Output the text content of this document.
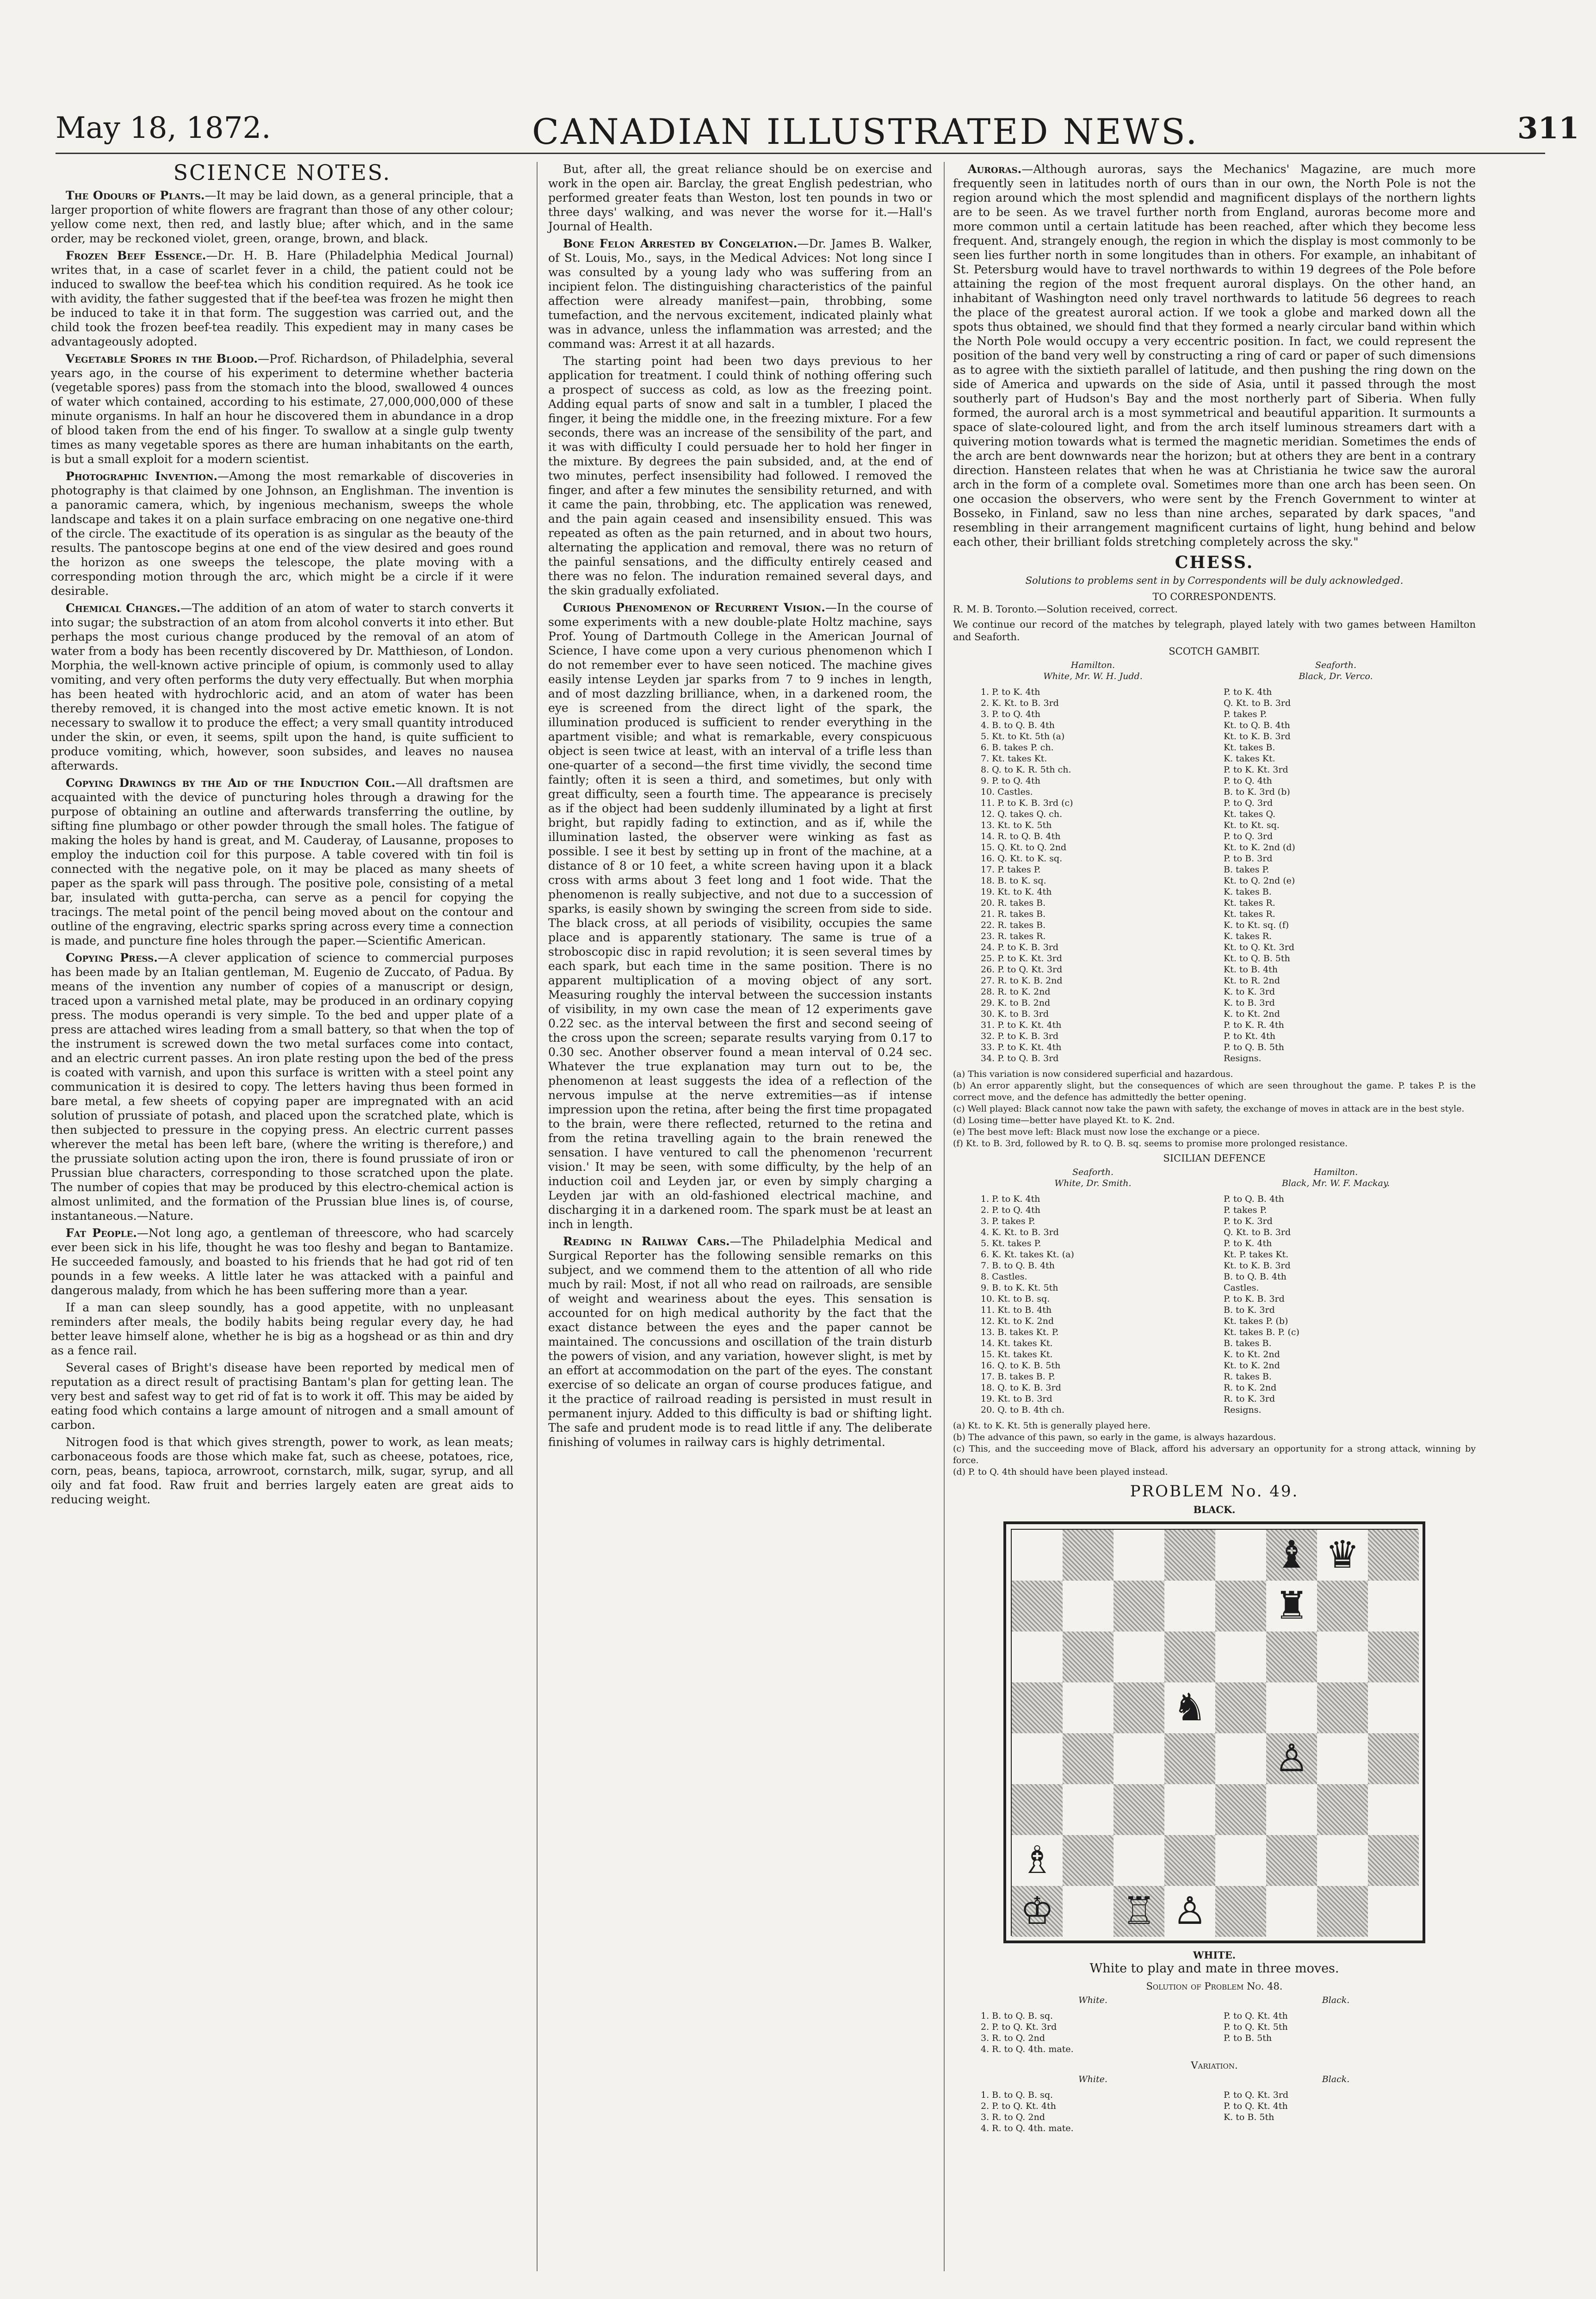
May 18, 1872.	CANADIAN ILLUSTRATED NEWS.	311
SCIENCE NOTES.

The Odours of Plants.—It may be laid down, as a general principle, that a larger proportion of white flowers are fragrant than those of any other colour; yellow come next, then red, and lastly blue; after which, and in the same order, may be reckoned violet, green, orange, brown, and black.

Frozen Beef Essence.—Dr. H. B. Hare (Philadelphia Medical Journal) writes that, in a case of scarlet fever in a child, the patient could not be induced to swallow the beef-tea which his condition required. As he took ice with avidity, the father suggested that if the beef-tea was frozen he might then be induced to take it in that form. The suggestion was carried out, and the child took the frozen beef-tea readily. This expedient may in many cases be advantageously adopted.

Vegetable Spores in the Blood.—Prof. Richardson, of Philadelphia, several years ago, in the course of his experiment to determine whether bacteria (vegetable spores) pass from the stomach into the blood, swallowed 4 ounces of water which contained, according to his estimate, 27,000,000,000 of these minute organisms. In half an hour he discovered them in abundance in a drop of blood taken from the end of his finger. To swallow at a single gulp twenty times as many vegetable spores as there are human inhabitants on the earth, is but a small exploit for a modern scientist.

Photographic Invention.—Among the most remarkable of discoveries in photography is that claimed by one Johnson, an Englishman. The invention is a panoramic camera, which, by ingenious mechanism, sweeps the whole landscape and takes it on a plain surface embracing on one negative one-third of the circle. The exactitude of its operation is as singular as the beauty of the results. The pantoscope begins at one end of the view desired and goes round the horizon as one sweeps the telescope, the plate moving with a corresponding motion through the arc, which might be a circle if it were desirable.

Chemical Changes.—The addition of an atom of water to starch converts it into sugar; the substraction of an atom from alcohol converts it into ether. But perhaps the most curious change produced by the removal of an atom of water from a body has been recently discovered by Dr. Matthieson, of London. Morphia, the well-known active principle of opium, is commonly used to allay vomiting, and very often performs the duty very effectually. But when morphia has been heated with hydrochloric acid, and an atom of water has been thereby removed, it is changed into the most active emetic known. It is not necessary to swallow it to produce the effect; a very small quantity introduced under the skin, or even, it seems, spilt upon the hand, is quite sufficient to produce vomiting, which, however, soon subsides, and leaves no nausea afterwards.

Copying Drawings by the Aid of the Induction Coil.—All draftsmen are acquainted with the device of puncturing holes through a drawing for the purpose of obtaining an outline and afterwards transferring the outline, by sifting fine plumbago or other powder through the small holes. The fatigue of making the holes by hand is great, and M. Cauderay, of Lausanne, proposes to employ the induction coil for this purpose. A table covered with tin foil is connected with the negative pole, on it may be placed as many sheets of paper as the spark will pass through. The positive pole, consisting of a metal bar, insulated with gutta-percha, can serve as a pencil for copying the tracings. The metal point of the pencil being moved about on the contour and outline of the engraving, electric sparks spring across every time a connection is made, and puncture fine holes through the paper.—Scientific American.

Copying Press.—A clever application of science to commercial purposes has been made by an Italian gentleman, M. Eugenio de Zuccato, of Padua. By means of the invention any number of copies of a manuscript or design, traced upon a varnished metal plate, may be produced in an ordinary copying press. The modus operandi is very simple. To the bed and upper plate of a press are attached wires leading from a small battery, so that when the top of the instrument is screwed down the two metal surfaces come into contact, and an electric current passes. An iron plate resting upon the bed of the press is coated with varnish, and upon this surface is written with a steel point any communication it is desired to copy. The letters having thus been formed in bare metal, a few sheets of copying paper are impregnated with an acid solution of prussiate of potash, and placed upon the scratched plate, which is then subjected to pressure in the copying press. An electric current passes wherever the metal has been left bare, (where the writing is therefore,) and the prussiate solution acting upon the iron, there is found prussiate of iron or Prussian blue characters, corresponding to those scratched upon the plate. The number of copies that may be produced by this electro-chemical action is almost unlimited, and the formation of the Prussian blue lines is, of course, instantaneous.—Nature.

Fat People.—Not long ago, a gentleman of threescore, who had scarcely ever been sick in his life, thought he was too fleshy and began to Bantamize. He succeeded famously, and boasted to his friends that he had got rid of ten pounds in a few weeks. A little later he was attacked with a painful and dangerous malady, from which he has been suffering more than a year.

If a man can sleep soundly, has a good appetite, with no unpleasant reminders after meals, the bodily habits being regular every day, he had better leave himself alone, whether he is big as a hogshead or as thin and dry as a fence rail.

Several cases of Bright's disease have been reported by medical men of reputation as a direct result of practising Bantam's plan for getting lean. The very best and safest way to get rid of fat is to work it off. This may be aided by eating food which contains a large amount of nitrogen and a small amount of carbon.

Nitrogen food is that which gives strength, power to work, as lean meats; carbonaceous foods are those which make fat, such as cheese, potatoes, rice, corn, peas, beans, tapioca, arrowroot, cornstarch, milk, sugar, syrup, and all oily and fat food. Raw fruit and berries largely eaten are great aids to reducing weight.

But, after all, the great reliance should be on exercise and work in the open air. Barclay, the great English pedestrian, who performed greater feats than Weston, lost ten pounds in two or three days' walking, and was never the worse for it.—Hall's Journal of Health.

Bone Felon Arrested by Congelation.—Dr. James B. Walker, of St. Louis, Mo., says, in the Medical Advices: Not long since I was consulted by a young lady who was suffering from an incipient felon. The distinguishing characteristics of the painful affection were already manifest—pain, throbbing, some tumefaction, and the nervous excitement, indicated plainly what was in advance, unless the inflammation was arrested; and the command was: Arrest it at all hazards.

The starting point had been two days previous to her application for treatment. I could think of nothing offering such a prospect of success as cold, as low as the freezing point. Adding equal parts of snow and salt in a tumbler, I placed the finger, it being the middle one, in the freezing mixture. For a few seconds, there was an increase of the sensibility of the part, and it was with difficulty I could persuade her to hold her finger in the mixture. By degrees the pain subsided, and, at the end of two minutes, perfect insensibility had followed. I removed the finger, and after a few minutes the sensibility returned, and with it came the pain, throbbing, etc. The application was renewed, and the pain again ceased and insensibility ensued. This was repeated as often as the pain returned, and in about two hours, alternating the application and removal, there was no return of the painful sensations, and the difficulty entirely ceased and there was no felon. The induration remained several days, and the skin gradually exfoliated.

Curious Phenomenon of Recurrent Vision.—In the course of some experiments with a new double-plate Holtz machine, says Prof. Young of Dartmouth College in the American Journal of Science, I have come upon a very curious phenomenon which I do not remember ever to have seen noticed. The machine gives easily intense Leyden jar sparks from 7 to 9 inches in length, and of most dazzling brilliance, when, in a darkened room, the eye is screened from the direct light of the spark, the illumination produced is sufficient to render everything in the apartment visible; and what is remarkable, every conspicuous object is seen twice at least, with an interval of a trifle less than one-quarter of a second—the first time vividly, the second time faintly; often it is seen a third, and sometimes, but only with great difficulty, seen a fourth time. The appearance is precisely as if the object had been suddenly illuminated by a light at first bright, but rapidly fading to extinction, and as if, while the illumination lasted, the observer were winking as fast as possible. I see it best by setting up in front of the machine, at a distance of 8 or 10 feet, a white screen having upon it a black cross with arms about 3 feet long and 1 foot wide. That the phenomenon is really subjective, and not due to a succession of sparks, is easily shown by swinging the screen from side to side. The black cross, at all periods of visibility, occupies the same place and is apparently stationary. The same is true of a stroboscopic disc in rapid revolution; it is seen several times by each spark, but each time in the same position. There is no apparent multiplication of a moving object of any sort. Measuring roughly the interval between the succession instants of visibility, in my own case the mean of 12 experiments gave 0.22 sec. as the interval between the first and second seeing of the cross upon the screen; separate results varying from 0.17 to 0.30 sec. Another observer found a mean interval of 0.24 sec. Whatever the true explanation may turn out to be, the phenomenon at least suggests the idea of a reflection of the nervous impulse at the nerve extremities—as if intense impression upon the retina, after being the first time propagated to the brain, were there reflected, returned to the retina and from the retina travelling again to the brain renewed the sensation. I have ventured to call the phenomenon 'recurrent vision.' It may be seen, with some difficulty, by the help of an induction coil and Leyden jar, or even by simply charging a Leyden jar with an old-fashioned electrical machine, and discharging it in a darkened room. The spark must be at least an inch in length.

Reading in Railway Cars.—The Philadelphia Medical and Surgical Reporter has the following sensible remarks on this subject, and we commend them to the attention of all who ride much by rail: Most, if not all who read on railroads, are sensible of weight and weariness about the eyes. This sensation is accounted for on high medical authority by the fact that the exact distance between the eyes and the paper cannot be maintained. The concussions and oscillation of the train disturb the powers of vision, and any variation, however slight, is met by an effort at accommodation on the part of the eyes. The constant exercise of so delicate an organ of course produces fatigue, and it the practice of railroad reading is persisted in must result in permanent injury. Added to this difficulty is bad or shifting light. The safe and prudent mode is to read little if any. The deliberate finishing of volumes in railway cars is highly detrimental.

Auroras.—Although auroras, says the Mechanics' Magazine, are much more frequently seen in latitudes north of ours than in our own, the North Pole is not the region around which the most splendid and magnificent displays of the northern lights are to be seen. As we travel further north from England, auroras become more and more common until a certain latitude has been reached, after which they become less frequent. And, strangely enough, the region in which the display is most commonly to be seen lies further north in some longitudes than in others. For example, an inhabitant of St. Petersburg would have to travel northwards to within 19 degrees of the Pole before attaining the region of the most frequent auroral displays. On the other hand, an inhabitant of Washington need only travel northwards to latitude 56 degrees to reach the place of the greatest auroral action. If we took a globe and marked down all the spots thus obtained, we should find that they formed a nearly circular band within which the North Pole would occupy a very eccentric position. In fact, we could represent the position of the band very well by constructing a ring of card or paper of such dimensions as to agree with the sixtieth parallel of latitude, and then pushing the ring down on the side of America and upwards on the side of Asia, until it passed through the most southerly part of Hudson's Bay and the most northerly part of Siberia. When fully formed, the auroral arch is a most symmetrical and beautiful apparition. It surmounts a space of slate-coloured light, and from the arch itself luminous streamers dart with a quivering motion towards what is termed the magnetic meridian. Sometimes the ends of the arch are bent downwards near the horizon; but at others they are bent in a contrary direction. Hansteen relates that when he was at Christiania he twice saw the auroral arch in the form of a complete oval. Sometimes more than one arch has been seen. On one occasion the observers, who were sent by the French Government to winter at Bosseko, in Finland, saw no less than nine arches, separated by dark spaces, "and resembling in their arrangement magnificent curtains of light, hung behind and below each other, their brilliant folds stretching completely across the sky."

CHESS.
Solutions to problems sent in by Correspondents will be duly acknowledged.
TO CORRESPONDENTS.
R. M. B. Toronto.—Solution received, correct.
We continue our record of the matches by telegraph, played lately with two games between Hamilton and Seaforth.
SCOTCH GAMBIT.
Hamilton.	Seaforth.
White, Mr. W. H. Judd.	Black, Dr. Verco.
1. P. to K. 4th	P. to K. 4th
2. K. Kt. to B. 3rd	Q. Kt. to B. 3rd
3. P. to Q. 4th	P. takes P.
4. B. to Q. B. 4th	Kt. to Q. B. 4th
5. Kt. to Kt. 5th (a)	Kt. to K. B. 3rd
6. B. takes P. ch.	Kt. takes B.
7. Kt. takes Kt.	K. takes Kt.
8. Q. to K. R. 5th ch.	P. to K. Kt. 3rd
9. P. to Q. 4th	P. to Q. 4th
10. Castles.	B. to K. 3rd (b)
11. P. to K. B. 3rd (c)	P. to Q. 3rd
12. Q. takes Q. ch.	Kt. takes Q.
13. Kt. to K. 5th	Kt. to Kt. sq.
14. R. to Q. B. 4th	P. to Q. 3rd
15. Q. Kt. to Q. 2nd	Kt. to K. 2nd (d)
16. Q. Kt. to K. sq.	P. to B. 3rd
17. P. takes P.	B. takes P.
18. B. to K. sq.	Kt. to Q. 2nd (e)
19. Kt. to K. 4th	K. takes B.
20. R. takes B.	Kt. takes R.
21. R. takes B.	Kt. takes R.
22. R. takes B.	K. to Kt. sq. (f)
23. R. takes R.	K. takes R.
24. P. to K. B. 3rd	Kt. to Q. Kt. 3rd
25. P. to K. Kt. 3rd	Kt. to Q. B. 5th
26. P. to Q. Kt. 3rd	Kt. to B. 4th
27. R. to K. B. 2nd	Kt. to R. 2nd
28. R. to K. 2nd	K. to K. 3rd
29. K. to B. 2nd	K. to B. 3rd
30. K. to B. 3rd	K. to Kt. 2nd
31. P. to K. Kt. 4th	P. to K. R. 4th
32. P. to K. B. 3rd	P. to Kt. 4th
33. P. to K. Kt. 4th	P. to Q. B. 5th
34. P. to Q. B. 3rd	Resigns.
(a) This variation is now considered superficial and hazardous.
(b) An error apparently slight, but the consequences of which are seen throughout the game. P. takes P. is the correct move, and the defence has admittedly the better opening.
(c) Well played: Black cannot now take the pawn with safety, the exchange of moves in attack are in the best style.
(d) Losing time—better have played Kt. to K. 2nd.
(e) The best move left: Black must now lose the exchange or a piece.
(f) Kt. to B. 3rd, followed by R. to Q. B. sq. seems to promise more prolonged resistance.
SICILIAN DEFENCE
Seaforth.	Hamilton.
White, Dr. Smith.	Black, Mr. W. F. Mackay.
1. P. to K. 4th	P. to Q. B. 4th
2. P. to Q. 4th	P. takes P.
3. P. takes P.	P. to K. 3rd
4. K. Kt. to B. 3rd	Q. Kt. to B. 3rd
5. Kt. takes P.	P. to K. 4th
6. K. Kt. takes Kt. (a)	Kt. P. takes Kt.
7. B. to Q. B. 4th	Kt. to K. B. 3rd
8. Castles.	B. to Q. B. 4th
9. B. to K. Kt. 5th	Castles.
10. Kt. to B. sq.	P. to K. B. 3rd
11. Kt. to B. 4th	B. to K. 3rd
12. Kt. to K. 2nd	Kt. takes P. (b)
13. B. takes Kt. P.	Kt. takes B. P. (c)
14. Kt. takes Kt.	B. takes B.
15. Kt. takes Kt.	K. to Kt. 2nd
16. Q. to K. B. 5th	Kt. to K. 2nd
17. B. takes B. P.	R. takes B.
18. Q. to K. B. 3rd	R. to K. 2nd
19. Kt. to B. 3rd	R. to K. 3rd
20. Q. to B. 4th ch.	Resigns.
(a) Kt. to K. Kt. 5th is generally played here.
(b) The advance of this pawn, so early in the game, is always hazardous.
(c) This, and the succeeding move of Black, afford his adversary an opportunity for a strong attack, winning by force.
(d) P. to Q. 4th should have been played instead.
PROBLEM No. 49.
BLACK.
♝ ♛
♜
♞
♙
♗
♔ ♖ ♙
WHITE.
White to play and mate in three moves.
Solution of Problem No. 48.
White.	Black.
1. B. to Q. B. sq.	P. to Q. Kt. 4th
2. P. to Q. Kt. 3rd	P. to Q. Kt. 5th
3. R. to Q. 2nd	P. to B. 5th
4. R. to Q. 4th. mate.
Variation.
White.	Black.
1. B. to Q. B. sq.	P. to Q. Kt. 3rd
2. P. to Q. Kt. 4th	P. to Q. Kt. 4th
3. R. to Q. 2nd	K. to B. 5th
4. R. to Q. 4th. mate.
